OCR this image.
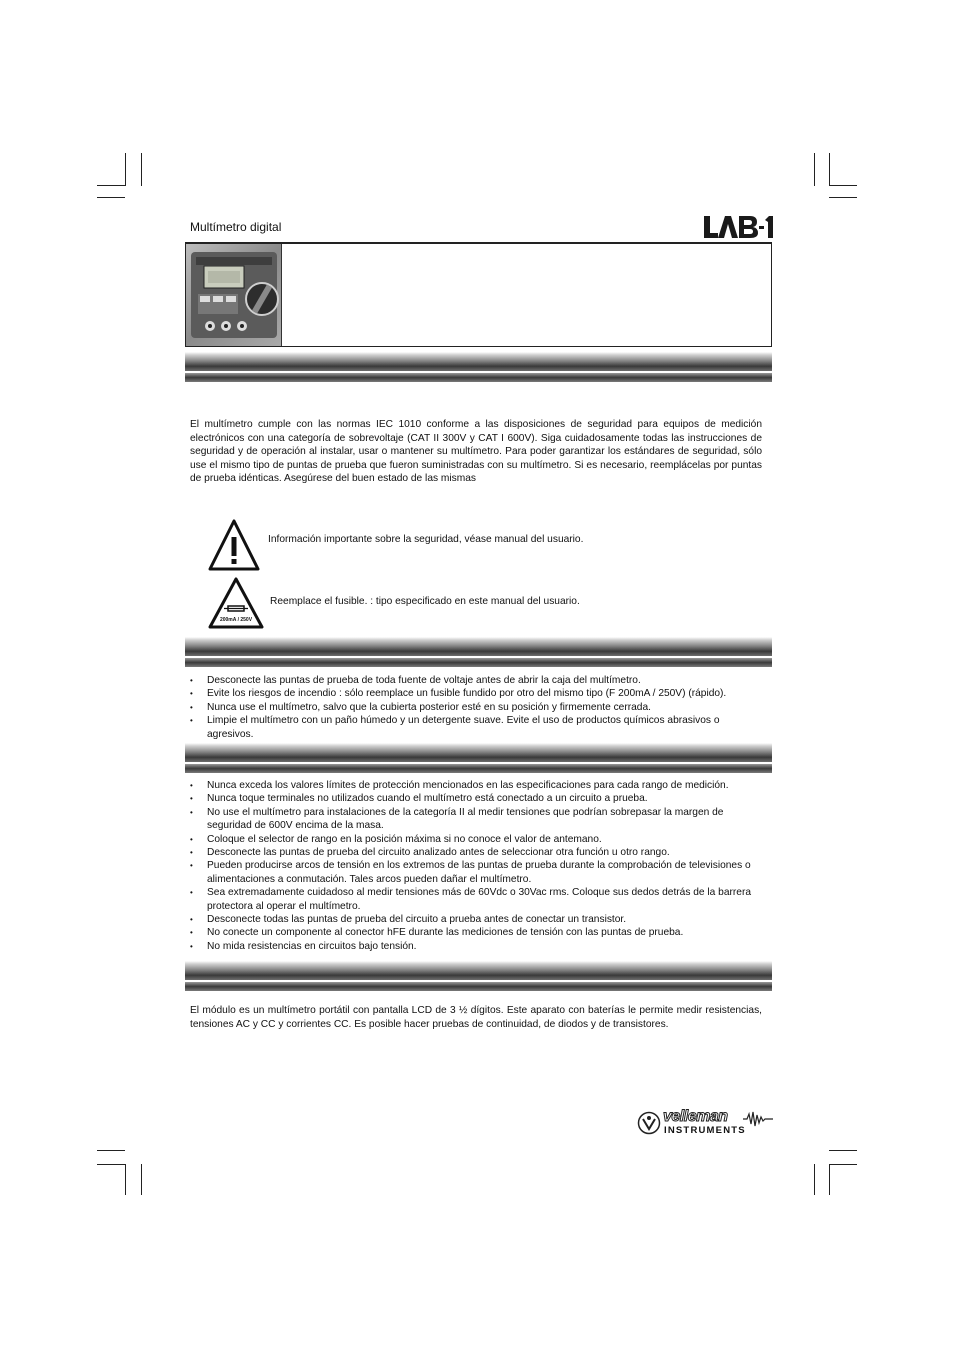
Multímetro digital

El multímetro cumple con las normas IEC 1010 conforme a las disposiciones de seguridad para equipos de medición electrónicos con una categoría de sobrevoltaje (CAT II 300V y CAT I 600V). Siga cuidadosamente todas las instrucciones de seguridad y de operación al instalar, usar o mantener su multímetro. Para poder garantizar los estándares de seguridad, sólo use el mismo tipo de puntas de prueba que fueron suministradas con su multímetro. Si es necesario, reemplácelas por puntas de prueba idénticas. Asegúrese del buen estado de las mismas

Información importante sobre la seguridad, véase manual del usuario.
200mA / 250V
Reemplace el fusible. : tipo especificado en este manual del usuario.
• Desconecte las puntas de prueba de toda fuente de voltaje antes de abrir la caja del multímetro.
• Evite los riesgos de incendio : sólo reemplace un fusible fundido por otro del mismo tipo (F 200mA / 250V) (rápido).
• Nunca use el multímetro, salvo que la cubierta posterior esté en su posición y firmemente cerrada.
• Limpie el multímetro con un paño húmedo y un detergente suave. Evite el uso de productos químicos abrasivos o agresivos.
• Nunca exceda los valores límites de protección mencionados en las especificaciones para cada rango de medición.
• Nunca toque terminales no utilizados cuando el multímetro está conectado a un circuito a prueba.
• No use el multímetro para instalaciones de la categoría II al medir tensiones que podrían sobrepasar la margen de seguridad de 600V encima de la masa.
• Coloque el selector de rango en la posición máxima si no conoce el valor de antemano.
• Desconecte las puntas de prueba del circuito analizado antes de seleccionar otra función u otro rango.
• Pueden producirse arcos de tensión en los extremos de las puntas de prueba durante la comprobación de televisiones o alimentaciones a conmutación. Tales arcos pueden dañar el multímetro.
• Sea extremadamente cuidadoso al medir tensiones más de 60Vdc o 30Vac rms. Coloque sus dedos detrás de la barrera protectora al operar el multímetro.
• Desconecte todas las puntas de prueba del circuito a prueba antes de conectar un transistor.
• No conecte un componente al conector hFE durante las mediciones de tensión con las puntas de prueba.
• No mida resistencias en circuitos bajo tensión.

El módulo es un multímetro portátil con pantalla LCD de 3 ½ dígitos. Este aparato con baterías le permite medir resistencias, tensiones AC y CC y corrientes CC. Es posible hacer pruebas de continuidad, de diodos y de transistores.

velleman
INSTRUMENTS
